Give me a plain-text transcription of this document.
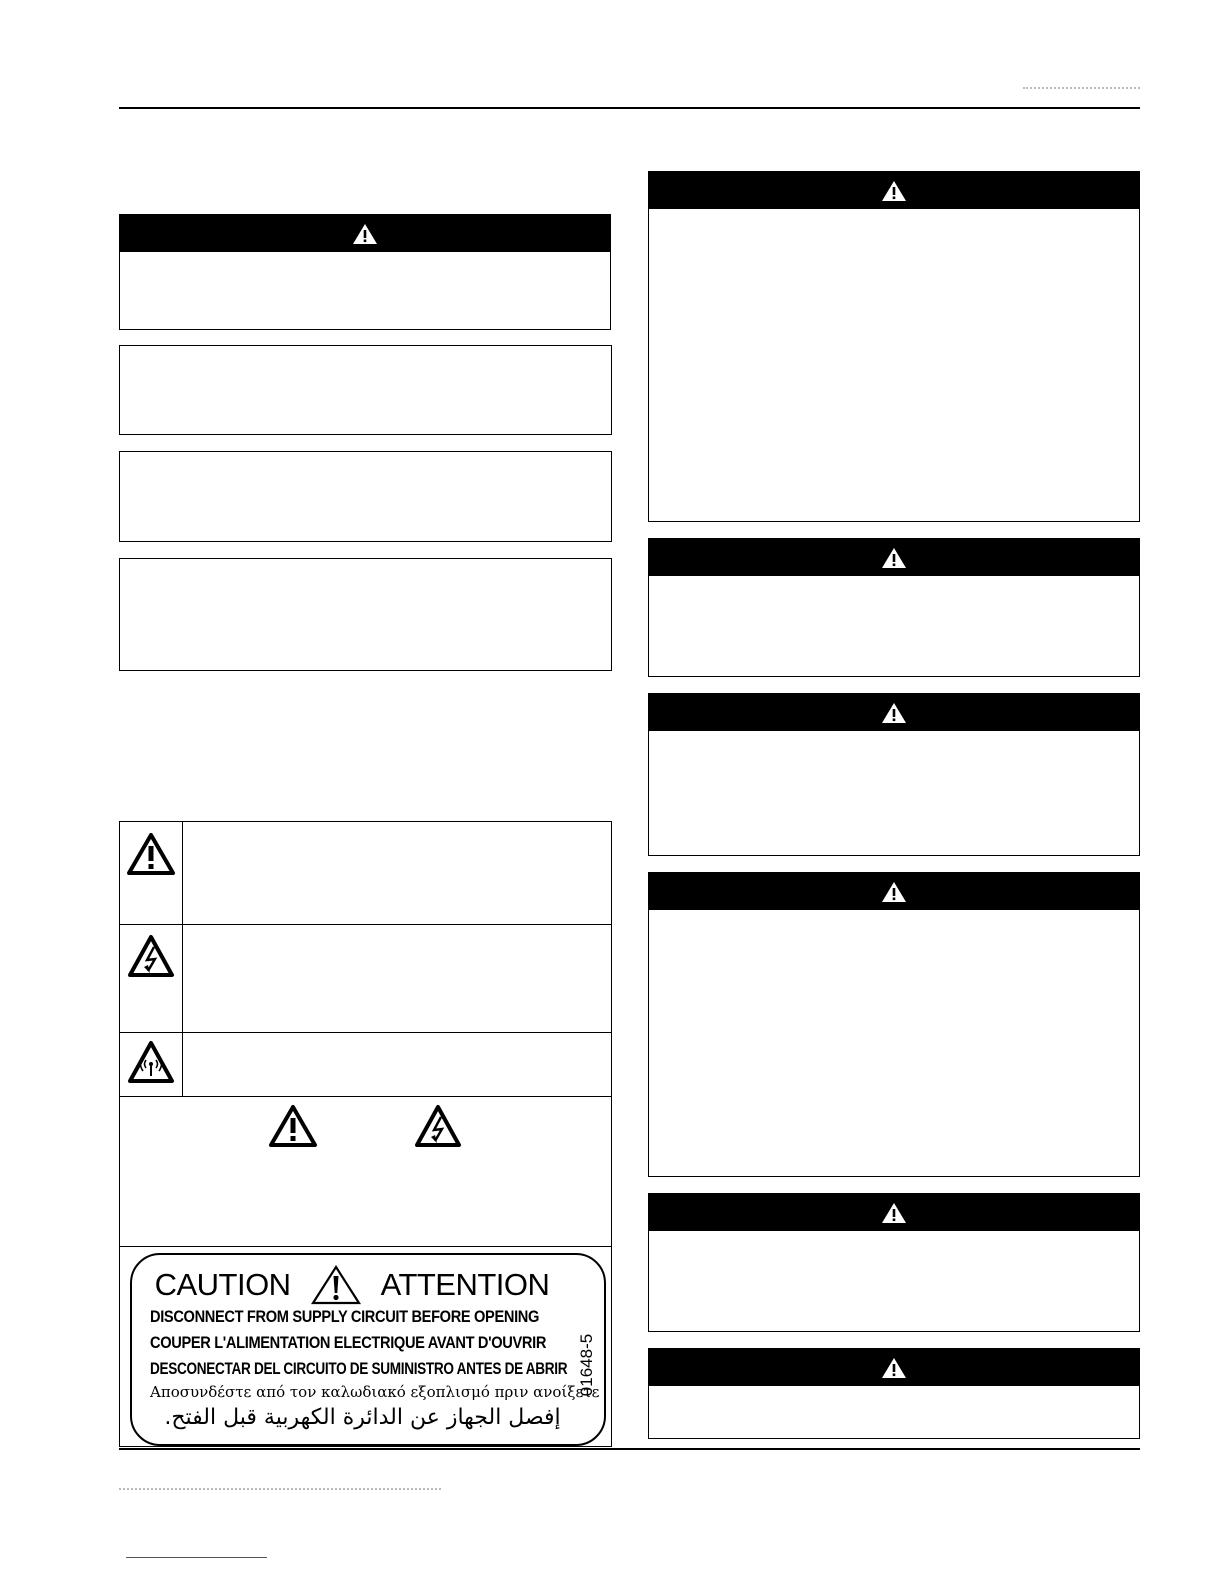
CAUTION	ATTENTION
DISCONNECT FROM SUPPLY CIRCUIT BEFORE OPENING
COUPER L'ALIMENTATION ELECTRIQUE AVANT D'OUVRIR
DESCONECTAR DEL CIRCUITO DE SUMINISTRO ANTES DE ABRIR
Αποσυνδέστε από τον καλωδιακό εξοπλισμό πριν ανοίξετε
إفصل الجهاز عن الدائرة الكهربية قبل الفتح.
01648-5
